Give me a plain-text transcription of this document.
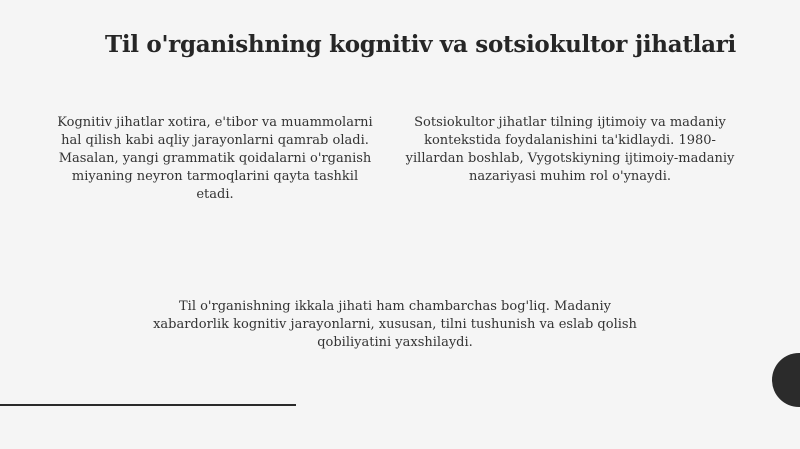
Til o'rganishning kognitiv va sotsiokultor jihatlari

Kognitiv jihatlar xotira, e'tibor va muammolarni hal qilish kabi aqliy jarayonlarni qamrab oladi. Masalan, yangi grammatik qoidalarni o'rganish miyaning neyron tarmoqlarini qayta tashkil etadi.

Sotsiokultor jihatlar tilning ijtimoiy va madaniy kontekstida foydalanishini ta'kidlaydi. 1980-yillardan boshlab, Vygotskiyning ijtimoiy-madaniy nazariyasi muhim rol o'ynaydi.

Til o'rganishning ikkala jihati ham chambarchas bog'liq. Madaniy xabardorlik kognitiv jarayonlarni, xususan, tilni tushunish va eslab qolish qobiliyatini yaxshilaydi.
